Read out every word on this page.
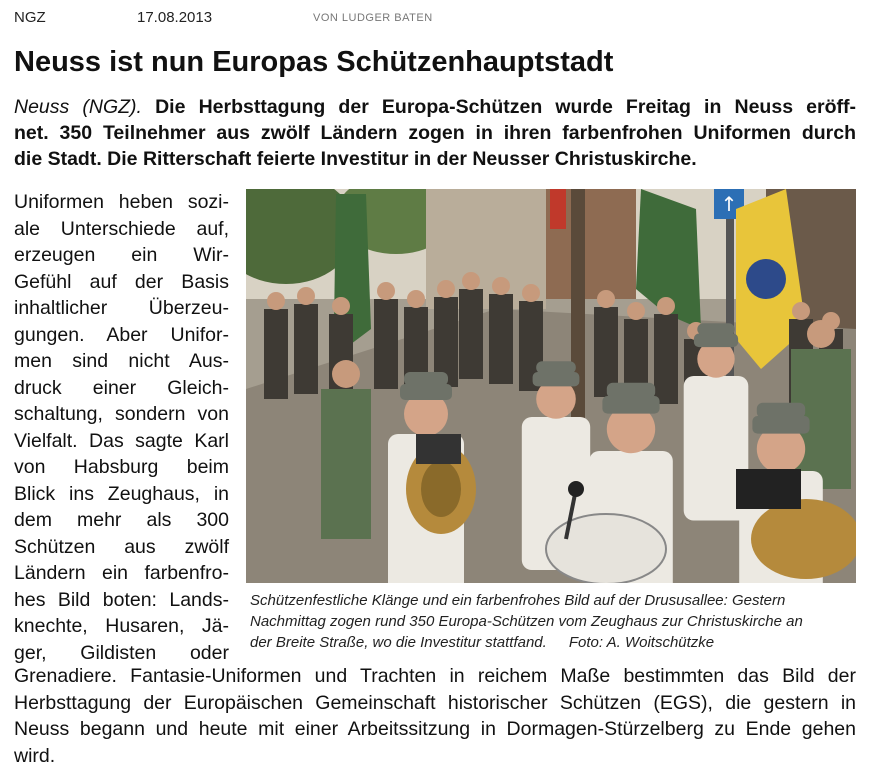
NGZ	17.08.2013	VON LUDGER BATEN
Neuss ist nun Europas Schützenhauptstadt

Neuss (NGZ). Die Herbsttagung der Europa-Schützen wurde Freitag in Neuss eröff-
net. 350 Teilnehmer aus zwölf Ländern zogen in ihren farbenfrohen Uniformen durch
die Stadt. Die Ritterschaft feierte Investitur in der Neusser Christuskirche.

Uniformen heben sozi-
ale Unterschiede auf,
erzeugen ein Wir-
Gefühl auf der Basis
inhaltlicher Überzeu-
gungen. Aber Unifor-
men sind nicht Aus-
druck einer Gleich-
schaltung, sondern von
Vielfalt. Das sagte Karl
von Habsburg beim
Blick ins Zeughaus, in
dem mehr als 300
Schützen aus zwölf
Ländern ein farbenfro-
hes Bild boten: Lands-
knechte, Husaren, Jä-
ger, Gildisten oder

↑

Schützenfestliche Klänge und ein farbenfrohes Bild auf der Drususallee: Gestern
Nachmittag zogen rund 350 Europa-Schützen vom Zeughaus zur Christuskirche an
der Breite Straße, wo die Investitur stattfand. Foto: A. Woitschützke

Grenadiere. Fantasie-Uniformen und Trachten in reichem Maße bestimmten das Bild der
Herbsttagung der Europäischen Gemeinschaft historischer Schützen (EGS), die gestern in
Neuss begann und heute mit einer Arbeitssitzung in Dormagen-Stürzelberg zu Ende gehen
wird.
